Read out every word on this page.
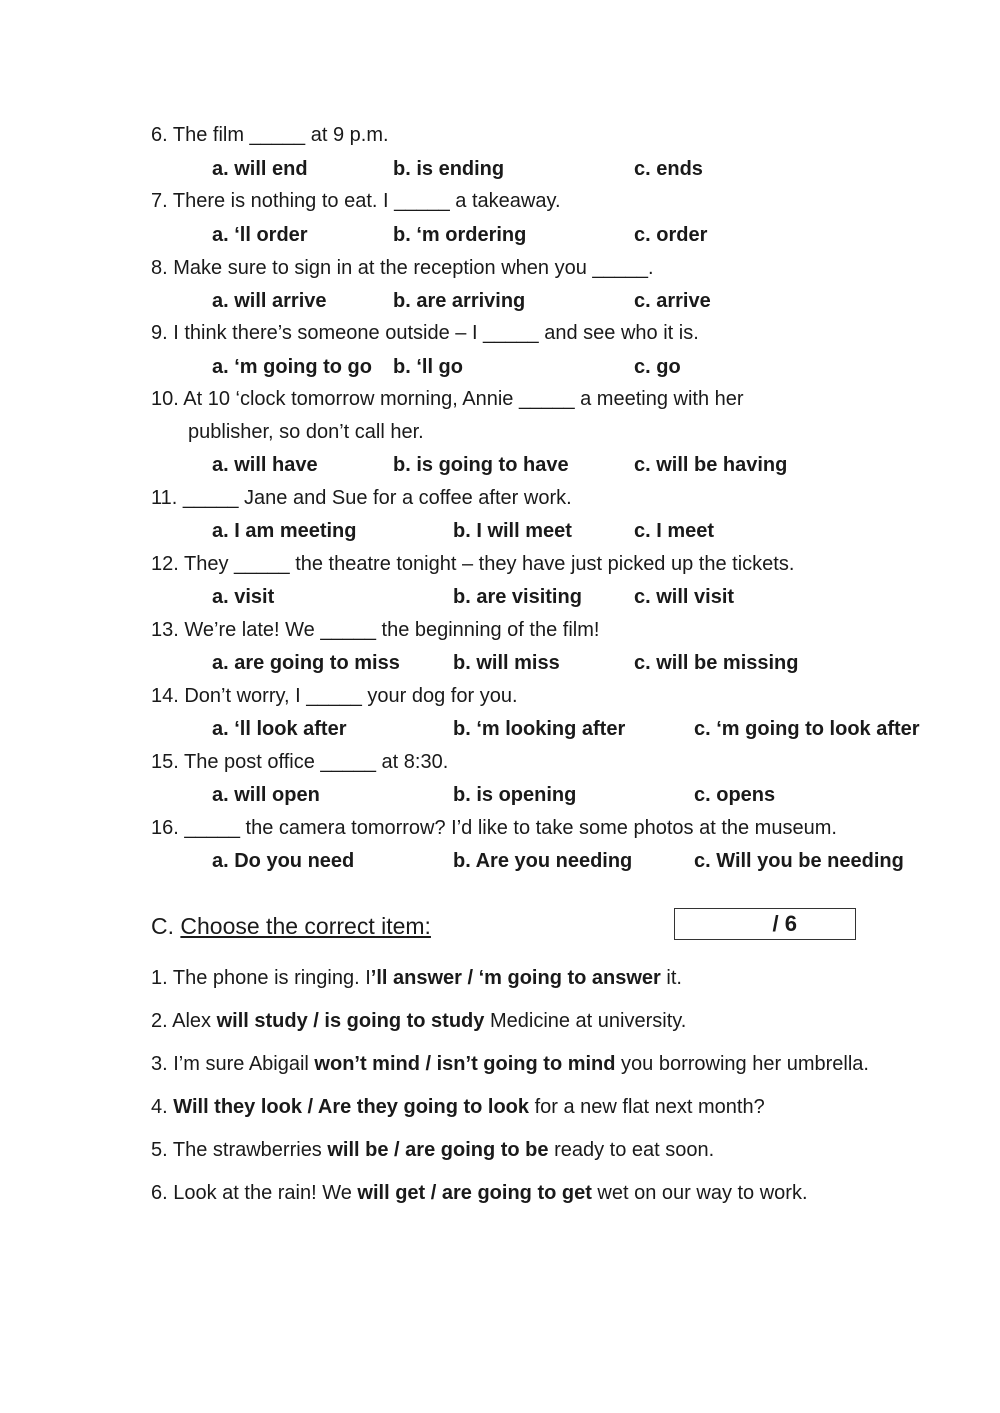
6. The film _____ at 9 p.m.
a. will end	b. is ending	c. ends
7. There is nothing to eat. I _____ a takeaway.
a. ‘ll order	b. ‘m ordering	c. order
8. Make sure to sign in at the reception when you _____.
a. will arrive	b. are arriving	c. arrive
9. I think there’s someone outside – I _____ and see who it is.
a. ‘m going to go b. ‘ll go	c. go
10. At 10 ‘clock tomorrow morning, Annie _____ a meeting with her
publisher, so don’t call her.
a. will have	b. is going to have	c. will be having
11. _____ Jane and Sue for a coffee after work.
a. I am meeting	b. I will meet	c. I meet
12. They _____ the theatre tonight – they have just picked up the tickets.
a. visit	b. are visiting	c. will visit
13. We’re late! We _____ the beginning of the film!
a. are going to miss	b. will miss	c. will be missing
14. Don’t worry, I _____ your dog for you.
a. ‘ll look after	b. ‘m looking after	c. ‘m going to look after
15. The post office _____ at 8:30.
a. will open	b. is opening	c. opens
16. _____ the camera tomorrow? I’d like to take some photos at the museum.
a. Do you need	b. Are you needing	c. Will you be needing
C. Choose the correct item:	/ 6
1. The phone is ringing. I’ll answer / ‘m going to answer it.
2. Alex will study / is going to study Medicine at university.
3. I’m sure Abigail won’t mind / isn’t going to mind you borrowing her umbrella.
4. Will they look / Are they going to look for a new flat next month?
5. The strawberries will be / are going to be ready to eat soon.
6. Look at the rain! We will get / are going to get wet on our way to work.
